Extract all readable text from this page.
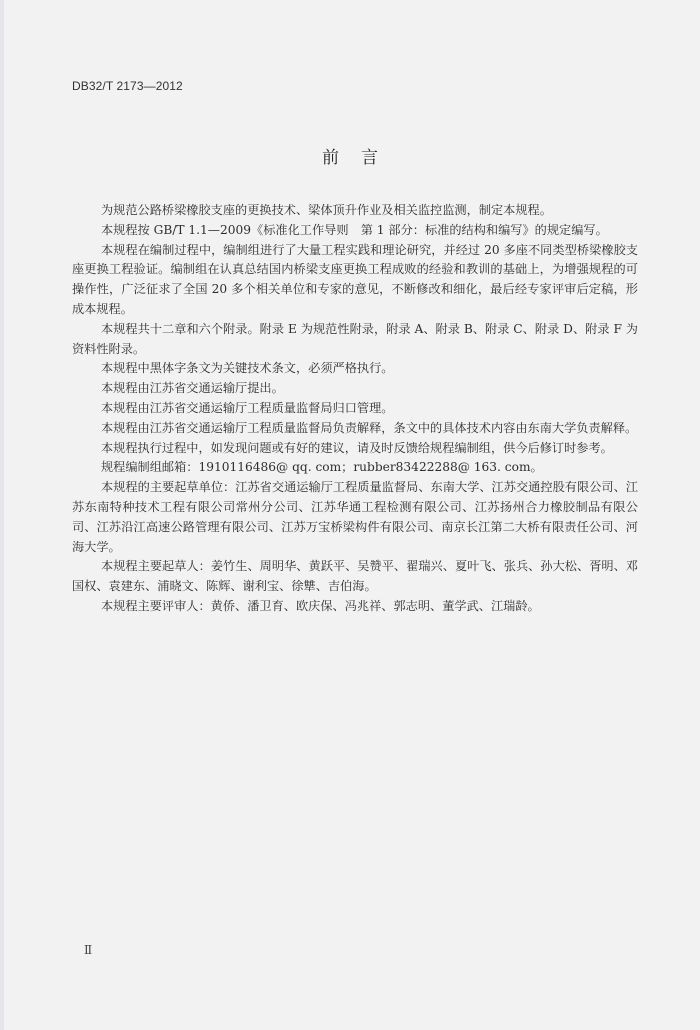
DB32/T 2173—2012
前 言

为规范公路桥梁橡胶支座的更换技术、梁体顶升作业及相关监控监测，制定本规程。

本规程按 GB/T 1.1—2009《标准化工作导则　第 1 部分：标准的结构和编写》的规定编写。

本规程在编制过程中，编制组进行了大量工程实践和理论研究，并经过 20 多座不同类型桥梁橡胶支座更换工程验证。编制组在认真总结国内桥梁支座更换工程成败的经验和教训的基础上，为增强规程的可操作性，广泛征求了全国 20 多个相关单位和专家的意见，不断修改和细化，最后经专家评审后定稿，形成本规程。

本规程共十二章和六个附录。附录 E 为规范性附录，附录 A、附录 B、附录 C、附录 D、附录 F 为资料性附录。

本规程中黑体字条文为关键技术条文，必须严格执行。

本规程由江苏省交通运输厅提出。

本规程由江苏省交通运输厅工程质量监督局归口管理。

本规程由江苏省交通运输厅工程质量监督局负责解释，条文中的具体技术内容由东南大学负责解释。

本规程执行过程中，如发现问题或有好的建议，请及时反馈给规程编制组，供今后修订时参考。

规程编制组邮箱：1910116486@ qq. com；rubber83422288@ 163. com。

本规程的主要起草单位：江苏省交通运输厅工程质量监督局、东南大学、江苏交通控股有限公司、江苏东南特种技术工程有限公司常州分公司、江苏华通工程检测有限公司、江苏扬州合力橡胶制品有限公司、江苏沿江高速公路管理有限公司、江苏万宝桥梁构件有限公司、南京长江第二大桥有限责任公司、河海大学。

本规程主要起草人：姜竹生、周明华、黄跃平、吴赞平、翟瑞兴、夏叶飞、张兵、孙大松、胥明、邓国权、袁建东、浦晓文、陈辉、谢利宝、徐犨、吉伯海。

本规程主要评审人：黄侨、潘卫育、欧庆保、冯兆祥、郭志明、董学武、江瑞龄。

Ⅱ
